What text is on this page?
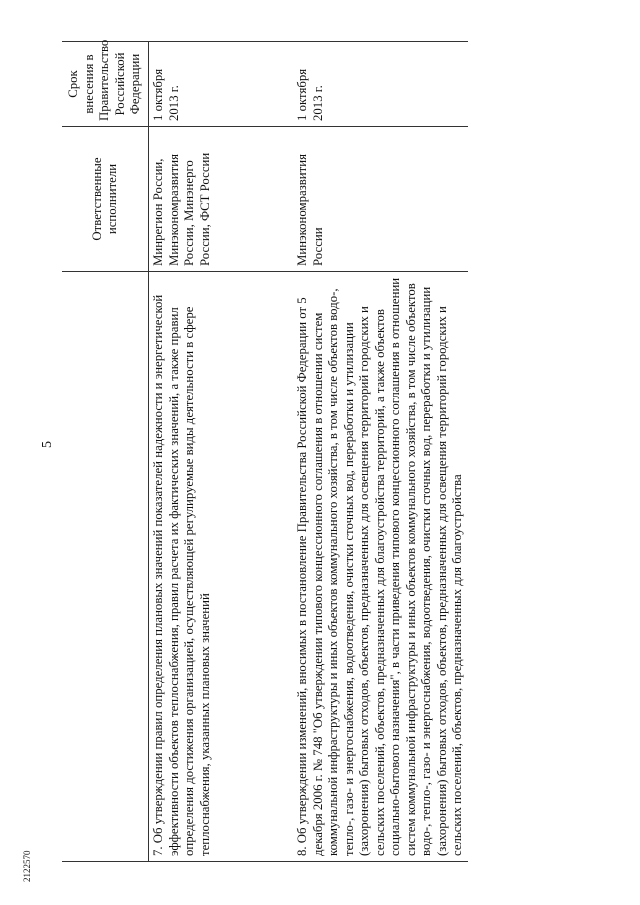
5
2122570
	Ответственные исполнители	Срок внесения в Правительство Российской Федерации
7. Об утверждении правил определения плановых значений показателей надежности и энергетической эффективности объектов теплоснабжения, правил расчета их фактических значений, а также правил определения достижения организацией, осуществляющей регулируемые виды деятельности в сфере теплоснабжения, указанных плановых значений	Минрегион России, Минэкономразвития России, Минэнерго России, ФСТ России	1 октября 2013 г.
8. Об утверждении изменений, вносимых в постановление Правительства Российской Федерации от 5 декабря 2006 г. № 748 "Об утверждении типового концессионного соглашения в отношении систем коммунальной инфраструктуры и иных объектов коммунального хозяйства, в том числе объектов водо-, тепло-, газо- и энергоснабжения, водоотведения, очистки сточных вод, переработки и утилизации (захоронения) бытовых отходов, объектов, предназначенных для освещения территорий городских и сельских поселений, объектов, предназначенных для благоустройства территорий, а также объектов социально-бытового назначения", в части приведения типового концессионного соглашения в отношении систем коммунальной инфраструктуры и иных объектов коммунального хозяйства, в том числе объектов водо-, тепло-, газо- и энергоснабжения, водоотведения, очистки сточных вод, переработки и утилизации (захоронения) бытовых отходов, объектов, предназначенных для освещения территорий городских и сельских поселений, объектов, предназначенных для благоустройства	Минэкономразвития России	1 октября 2013 г.
